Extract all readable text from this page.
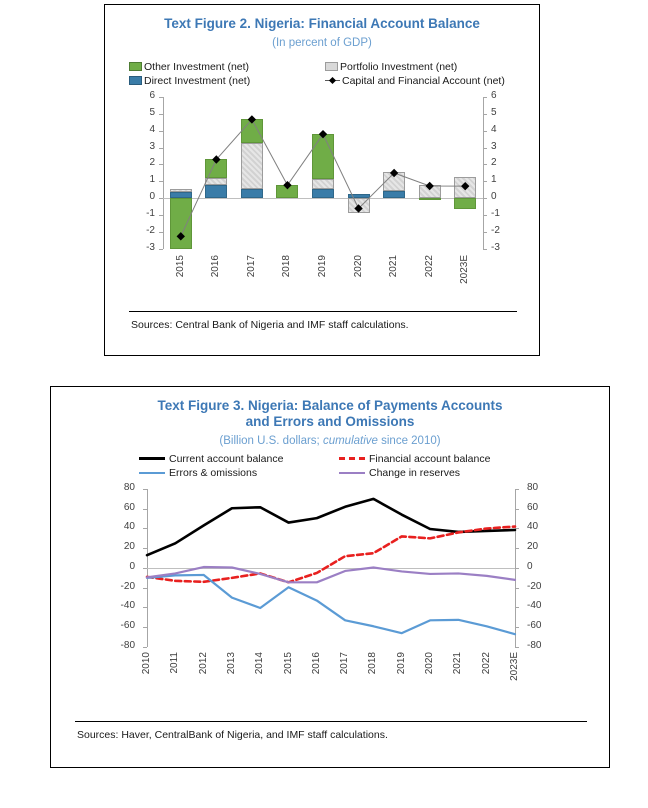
Text Figure 2. Nigeria: Financial Account Balance
(In percent of GDP)
Other Investment (net)	Portfolio Investment (net)
Direct Investment (net)	Capital and Financial Account (net)
-3	-3
-2	-2
-1	-1
0	0
1	1
2	2
3	3
4	4
5	5
6	6
2015 2016 2017 2018 2019 2020 2021 2022 2023E
Sources: Central Bank of Nigeria and IMF staff calculations.
Text Figure 3. Nigeria: Balance of Payments Accounts
and Errors and Omissions
(Billion U.S. dollars; cumulative since 2010)
Current account balance	Financial account balance
Errors & omissions	Change in reserves
-80	-80
-60	-60
-40	-40
-20	-20
0	0
20	20
40	40
60	60
80	80
2010 2011 2012 2013 2014 2015 2016 2017 2018 2019 2020 2021 2022 2023E
Sources: Haver, CentralBank of Nigeria, and IMF staff calculations.
